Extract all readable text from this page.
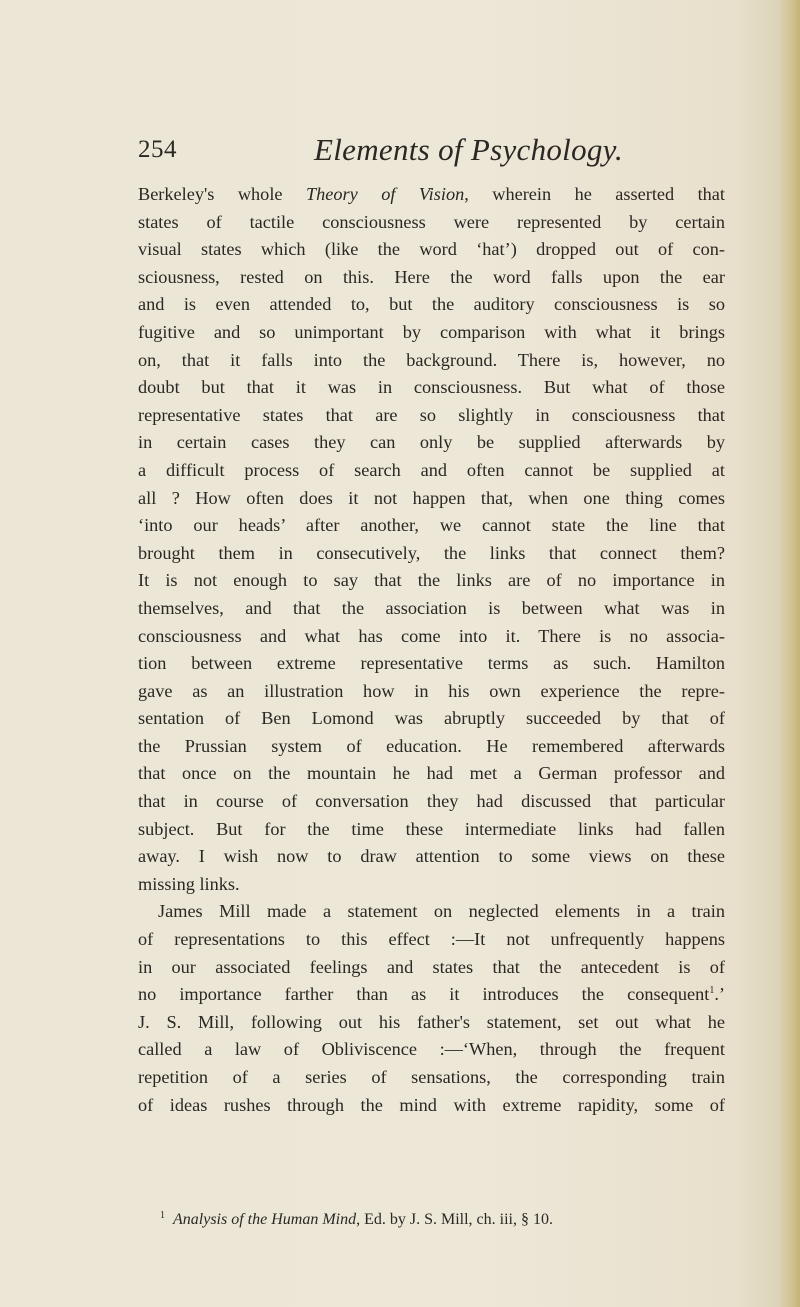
254	Elements of Psychology.
Berkeley's whole Theory of Vision, wherein he asserted that
states of tactile consciousness were represented by certain
visual states which (like the word ‘hat’) dropped out of con-
sciousness, rested on this. Here the word falls upon the ear
and is even attended to, but the auditory consciousness is so
fugitive and so unimportant by comparison with what it brings
on, that it falls into the background. There is, however, no
doubt but that it was in consciousness. But what of those
representative states that are so slightly in consciousness that
in certain cases they can only be supplied afterwards by
a difficult process of search and often cannot be supplied at
all ? How often does it not happen that, when one thing comes
‘into our heads’ after another, we cannot state the line that
brought them in consecutively, the links that connect them?
It is not enough to say that the links are of no importance in
themselves, and that the association is between what was in
consciousness and what has come into it. There is no associa-
tion between extreme representative terms as such. Hamilton
gave as an illustration how in his own experience the repre-
sentation of Ben Lomond was abruptly succeeded by that of
the Prussian system of education. He remembered afterwards
that once on the mountain he had met a German professor and
that in course of conversation they had discussed that particular
subject. But for the time these intermediate links had fallen
away. I wish now to draw attention to some views on these
missing links.
James Mill made a statement on neglected elements in a train
of representations to this effect :—It not unfrequently happens
in our associated feelings and states that the antecedent is of
no importance farther than as it introduces the consequent$^1$.’
J. S. Mill, following out his father's statement, set out what he
called a law of Obliviscence :—‘When, through the frequent
repetition of a series of sensations, the corresponding train
of ideas rushes through the mind with extreme rapidity, some of
$^1$ Analysis of the Human Mind, Ed. by J. S. Mill, ch. iii, § 10.
